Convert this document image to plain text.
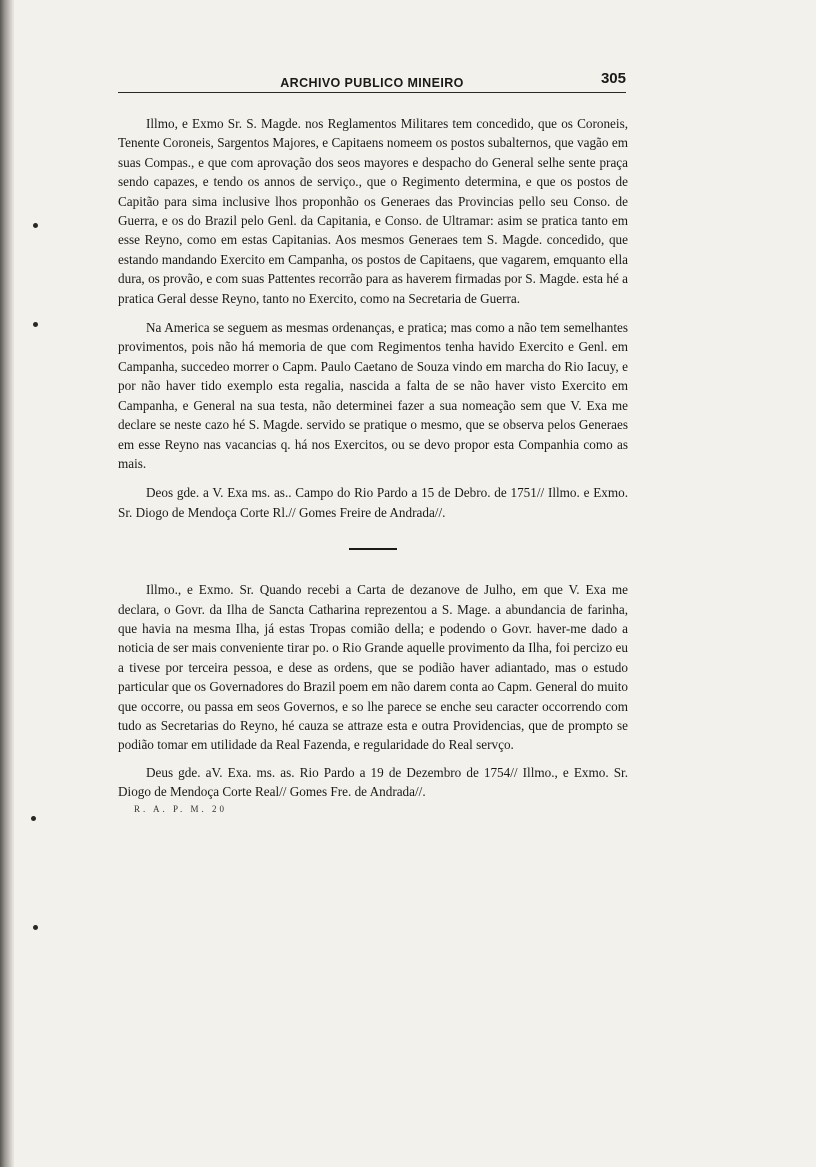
ARCHIVO PUBLICO MINEIRO	305

Illmo, e Exmo Sr. S. Magde. nos Reglamentos Militares tem concedido, que os Coroneis, Tenente Coroneis, Sargentos Majores, e Capitaens nomeem os postos subalternos, que vagão em suas Compas., e que com aprovação dos seos mayores e despacho do General selhe sente praça sendo capazes, e tendo os annos de serviço., que o Regimento determina, e que os postos de Capitão para sima inclusive lhos proponhão os Generaes das Provincias pello seu Conso. de Guerra, e os do Brazil pelo Genl. da Capitania, e Conso. de Ultramar: asim se pratica tanto em esse Reyno, como em estas Capitanias. Aos mesmos Generaes tem S. Magde. concedido, que estando mandando Exercito em Campanha, os postos de Capitaens, que vagarem, emquanto ella dura, os provão, e com suas Pattentes recorrão para as haverem firmadas por S. Magde. esta hé a pratica Geral desse Reyno, tanto no Exercito, como na Secretaria de Guerra.

Na America se seguem as mesmas ordenanças, e pratica; mas como a não tem semelhantes provimentos, pois não há memoria de que com Regimentos tenha havido Exercito e Genl. em Campanha, succedeo morrer o Capm. Paulo Caetano de Souza vindo em marcha do Rio Iacuy, e por não haver tido exemplo esta regalia, nascida a falta de se não haver visto Exercito em Campanha, e General na sua testa, não determinei fazer a sua nomeação sem que V. Exa me declare se neste cazo hé S. Magde. servido se pratique o mesmo, que se observa pelos Generaes em esse Reyno nas vacancias q. há nos Exercitos, ou se devo propor esta Companhia como as mais.

Deos gde. a V. Exa ms. as.. Campo do Rio Pardo a 15 de Debro. de 1751// Illmo. e Exmo. Sr. Diogo de Mendoça Corte Rl.// Gomes Freire de Andrada//.

Illmo., e Exmo. Sr. Quando recebi a Carta de dezanove de Julho, em que V. Exa me declara, o Govr. da Ilha de Sancta Catharina reprezentou a S. Mage. a abundancia de farinha, que havia na mesma Ilha, já estas Tropas comião della; e podendo o Govr. haver-me dado a noticia de ser mais conveniente tirar po. o Rio Grande aquelle provimento da Ilha, foi percizo eu a tivese por terceira pessoa, e dese as ordens, que se podião haver adiantado, mas o estudo particular que os Governadores do Brazil poem em não darem conta ao Capm. General do muito que occorre, ou passa em seos Governos, e so lhe parece se enche seu caracter occorrendo com tudo as Secretarias do Reyno, hé cauza se attraze esta e outra Providencias, que de prompto se podião tomar em utilidade da Real Fazenda, e regularidade do Real servço.

Deus gde. aV. Exa. ms. as. Rio Pardo a 19 de Dezembro de 1754// Illmo., e Exmo. Sr. Diogo de Mendoça Corte Real// Gomes Fre. de Andrada//.

R. A. P. M. 20
